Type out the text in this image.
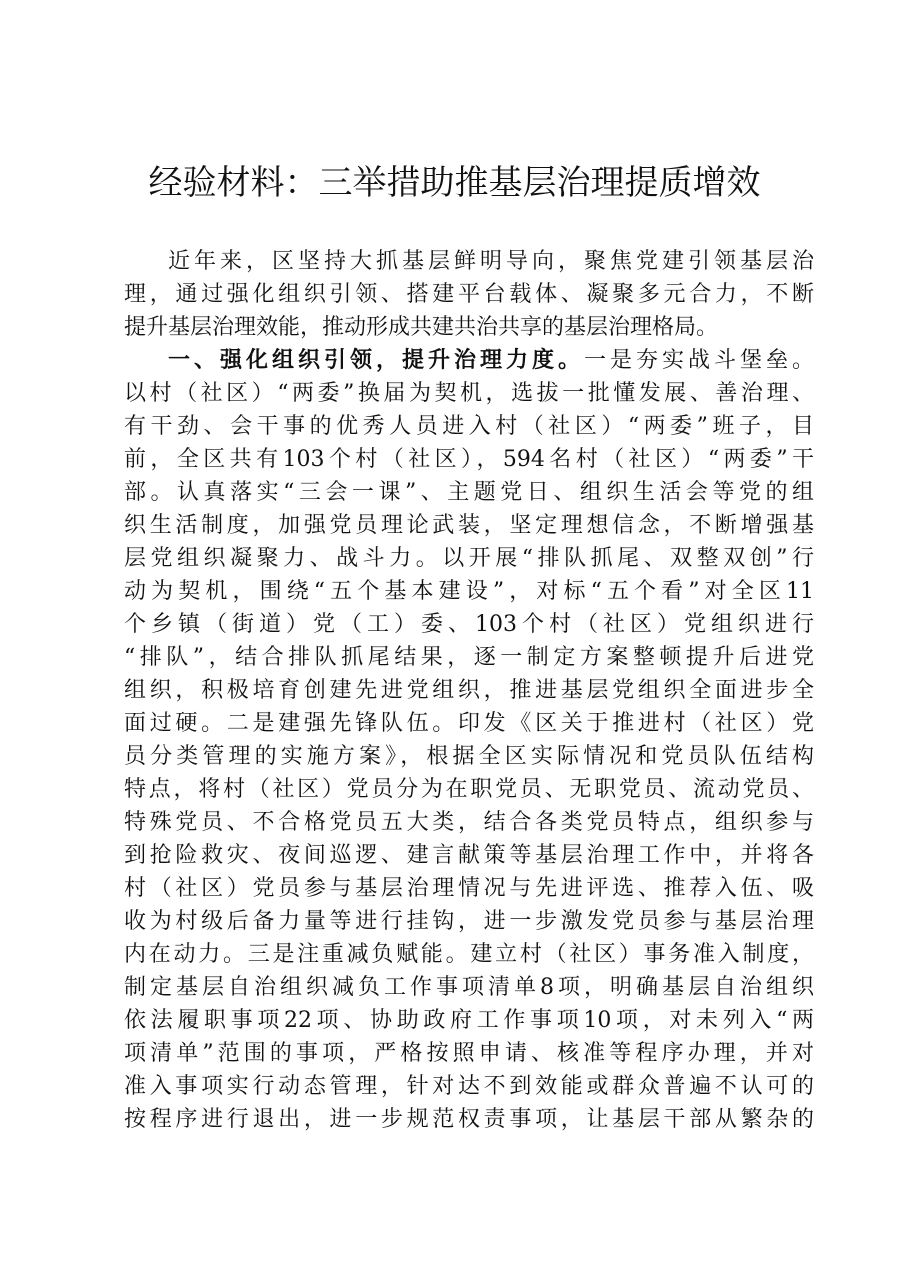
经验材料：三举措助推基层治理提质增效
近年来，区坚持大抓基层鲜明导向，聚焦党建引领基层治
理，通过强化组织引领、搭建平台载体、凝聚多元合力，不断
提升基层治理效能，推动形成共建共治共享的基层治理格局。
一、强化组织引领，提升治理力度。一是夯实战斗堡垒。
以村（社区）“两委”换届为契机，选拔一批懂发展、善治理、
有干劲、会干事的优秀人员进入村（社区）“两委”班子，目
前，全区共有103个村（社区），594名村（社区）“两委”干
部。认真落实“三会一课”、主题党日、组织生活会等党的组
织生活制度，加强党员理论武装，坚定理想信念，不断增强基
层党组织凝聚力、战斗力。以开展“排队抓尾、双整双创”行
动为契机，围绕“五个基本建设”，对标“五个看”对全区11
个乡镇（街道）党（工）委、103个村（社区）党组织进行
“排队”，结合排队抓尾结果，逐一制定方案整顿提升后进党
组织，积极培育创建先进党组织，推进基层党组织全面进步全
面过硬。二是建强先锋队伍。印发《区关于推进村（社区）党
员分类管理的实施方案》，根据全区实际情况和党员队伍结构
特点，将村（社区）党员分为在职党员、无职党员、流动党员、
特殊党员、不合格党员五大类，结合各类党员特点，组织参与
到抢险救灾、夜间巡逻、建言献策等基层治理工作中，并将各
村（社区）党员参与基层治理情况与先进评选、推荐入伍、吸
收为村级后备力量等进行挂钩，进一步激发党员参与基层治理
内在动力。三是注重减负赋能。建立村（社区）事务准入制度，
制定基层自治组织减负工作事项清单8项，明确基层自治组织
依法履职事项22项、协助政府工作事项10项，对未列入“两
项清单”范围的事项，严格按照申请、核准等程序办理，并对
准入事项实行动态管理，针对达不到效能或群众普遍不认可的
按程序进行退出，进一步规范权责事项，让基层干部从繁杂的
